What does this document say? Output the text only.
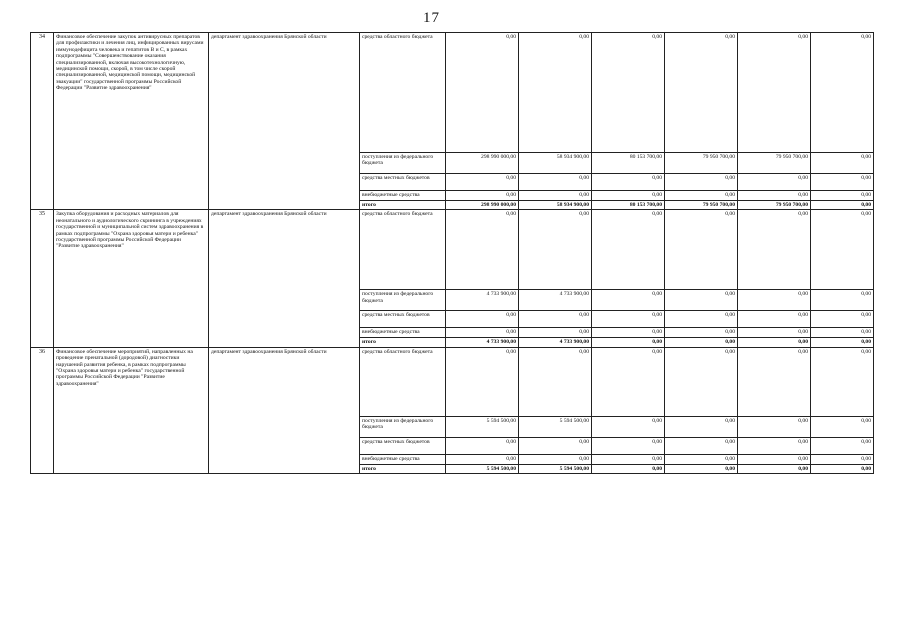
17
34	Финансовое обеспечение закупок антивирусных препаратов для профилактики и лечения лиц, инфицированных вирусами иммунодефицита человека и гепатитов В и С, в рамках подпрограммы "Совершенствование оказания специализированной, включая высокотехнологичную, медицинской помощи, скорой, в том числе скорой специализированной, медицинской помощи, медицинской эвакуации" государственной программы Российской Федерации "Развитие здравоохранения"	департамент здравоохранения Брянской области	средства областного бюджета	0,00	0,00	0,00	0,00	0,00	0,00
			поступления из федерального бюджета	298 990 000,00	58 934 900,00	80 153 700,00	79 950 700,00	79 950 700,00	0,00
			средства местных бюджетов	0,00	0,00	0,00	0,00	0,00	0,00
			внебюджетные средства	0,00	0,00	0,00	0,00	0,00	0,00
			итого	298 990 000,00	58 934 900,00	80 153 700,00	79 950 700,00	79 950 700,00	0,00
35	Закупка оборудования и расходных материалов для неонатального и аудиологического скрининга в учреждениях государственной и муниципальной систем здравоохранения в рамках подпрограммы "Охрана здоровья матери и ребенка" государственной программы Российской Федерации "Развитие здравоохранения"	департамент здравоохранения Брянской области	средства областного бюджета	0,00	0,00	0,00	0,00	0,00	0,00
			поступления из федерального бюджета	4 733 900,00	4 733 900,00	0,00	0,00	0,00	0,00
			средства местных бюджетов	0,00	0,00	0,00	0,00	0,00	0,00
			внебюджетные средства	0,00	0,00	0,00	0,00	0,00	0,00
			итого	4 733 900,00	4 733 900,00	0,00	0,00	0,00	0,00
36	Финансовое обеспечение мероприятий, направленных на проведение пренатальной (дородовой) диагностики нарушений развития ребенка, в рамках подпрограммы "Охрана здоровья матери и ребенка" государственной программы Российской Федерации "Развитие здравоохранения"	департамент здравоохранения Брянской области	средства областного бюджета	0,00	0,00	0,00	0,00	0,00	0,00
			поступления из федерального бюджета	5 594 500,00	5 594 500,00	0,00	0,00	0,00	0,00
			средства местных бюджетов	0,00	0,00	0,00	0,00	0,00	0,00
			внебюджетные средства	0,00	0,00	0,00	0,00	0,00	0,00
			итого	5 594 500,00	5 594 500,00	0,00	0,00	0,00	0,00
